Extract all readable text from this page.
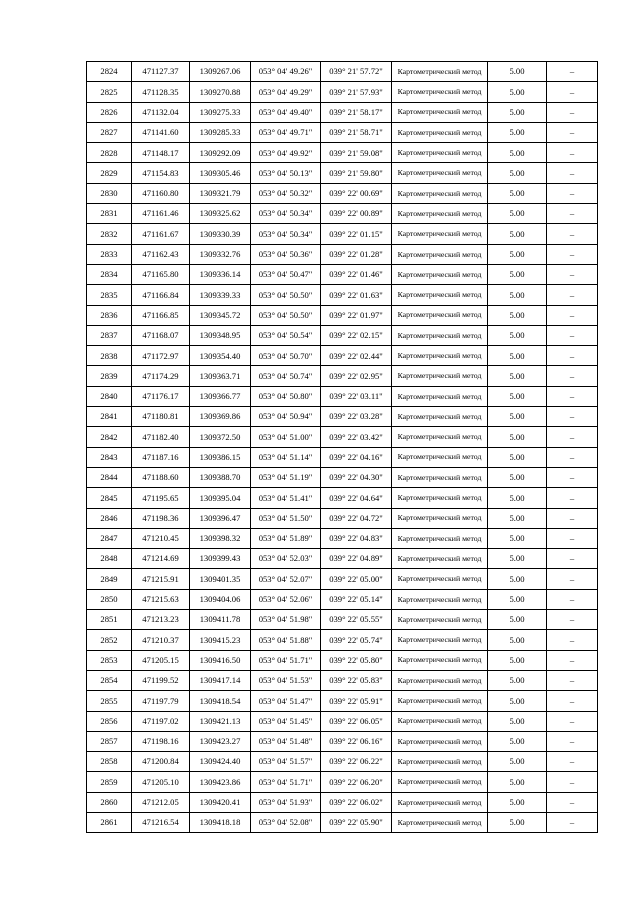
2824	471127.37	1309267.06	053° 04' 49.26"	039° 21' 57.72"	Картометрический метод	5.00	–
2825	471128.35	1309270.88	053° 04' 49.29"	039° 21' 57.93"	Картометрический метод	5.00	–
2826	471132.04	1309275.33	053° 04' 49.40"	039° 21' 58.17"	Картометрический метод	5.00	–
2827	471141.60	1309285.33	053° 04' 49.71"	039° 21' 58.71"	Картометрический метод	5.00	–
2828	471148.17	1309292.09	053° 04' 49.92"	039° 21' 59.08"	Картометрический метод	5.00	–
2829	471154.83	1309305.46	053° 04' 50.13"	039° 21' 59.80"	Картометрический метод	5.00	–
2830	471160.80	1309321.79	053° 04' 50.32"	039° 22' 00.69"	Картометрический метод	5.00	–
2831	471161.46	1309325.62	053° 04' 50.34"	039° 22' 00.89"	Картометрический метод	5.00	–
2832	471161.67	1309330.39	053° 04' 50.34"	039° 22' 01.15"	Картометрический метод	5.00	–
2833	471162.43	1309332.76	053° 04' 50.36"	039° 22' 01.28"	Картометрический метод	5.00	–
2834	471165.80	1309336.14	053° 04' 50.47"	039° 22' 01.46"	Картометрический метод	5.00	–
2835	471166.84	1309339.33	053° 04' 50.50"	039° 22' 01.63"	Картометрический метод	5.00	–
2836	471166.85	1309345.72	053° 04' 50.50"	039° 22' 01.97"	Картометрический метод	5.00	–
2837	471168.07	1309348.95	053° 04' 50.54"	039° 22' 02.15"	Картометрический метод	5.00	–
2838	471172.97	1309354.40	053° 04' 50.70"	039° 22' 02.44"	Картометрический метод	5.00	–
2839	471174.29	1309363.71	053° 04' 50.74"	039° 22' 02.95"	Картометрический метод	5.00	–
2840	471176.17	1309366.77	053° 04' 50.80"	039° 22' 03.11"	Картометрический метод	5.00	–
2841	471180.81	1309369.86	053° 04' 50.94"	039° 22' 03.28"	Картометрический метод	5.00	–
2842	471182.40	1309372.50	053° 04' 51.00"	039° 22' 03.42"	Картометрический метод	5.00	–
2843	471187.16	1309386.15	053° 04' 51.14"	039° 22' 04.16"	Картометрический метод	5.00	–
2844	471188.60	1309388.70	053° 04' 51.19"	039° 22' 04.30"	Картометрический метод	5.00	–
2845	471195.65	1309395.04	053° 04' 51.41"	039° 22' 04.64"	Картометрический метод	5.00	–
2846	471198.36	1309396.47	053° 04' 51.50"	039° 22' 04.72"	Картометрический метод	5.00	–
2847	471210.45	1309398.32	053° 04' 51.89"	039° 22' 04.83"	Картометрический метод	5.00	–
2848	471214.69	1309399.43	053° 04' 52.03"	039° 22' 04.89"	Картометрический метод	5.00	–
2849	471215.91	1309401.35	053° 04' 52.07"	039° 22' 05.00"	Картометрический метод	5.00	–
2850	471215.63	1309404.06	053° 04' 52.06"	039° 22' 05.14"	Картометрический метод	5.00	–
2851	471213.23	1309411.78	053° 04' 51.98"	039° 22' 05.55"	Картометрический метод	5.00	–
2852	471210.37	1309415.23	053° 04' 51.88"	039° 22' 05.74"	Картометрический метод	5.00	–
2853	471205.15	1309416.50	053° 04' 51.71"	039° 22' 05.80"	Картометрический метод	5.00	–
2854	471199.52	1309417.14	053° 04' 51.53"	039° 22' 05.83"	Картометрический метод	5.00	–
2855	471197.79	1309418.54	053° 04' 51.47"	039° 22' 05.91"	Картометрический метод	5.00	–
2856	471197.02	1309421.13	053° 04' 51.45"	039° 22' 06.05"	Картометрический метод	5.00	–
2857	471198.16	1309423.27	053° 04' 51.48"	039° 22' 06.16"	Картометрический метод	5.00	–
2858	471200.84	1309424.40	053° 04' 51.57"	039° 22' 06.22"	Картометрический метод	5.00	–
2859	471205.10	1309423.86	053° 04' 51.71"	039° 22' 06.20"	Картометрический метод	5.00	–
2860	471212.05	1309420.41	053° 04' 51.93"	039° 22' 06.02"	Картометрический метод	5.00	–
2861	471216.54	1309418.18	053° 04' 52.08"	039° 22' 05.90"	Картометрический метод	5.00	–
